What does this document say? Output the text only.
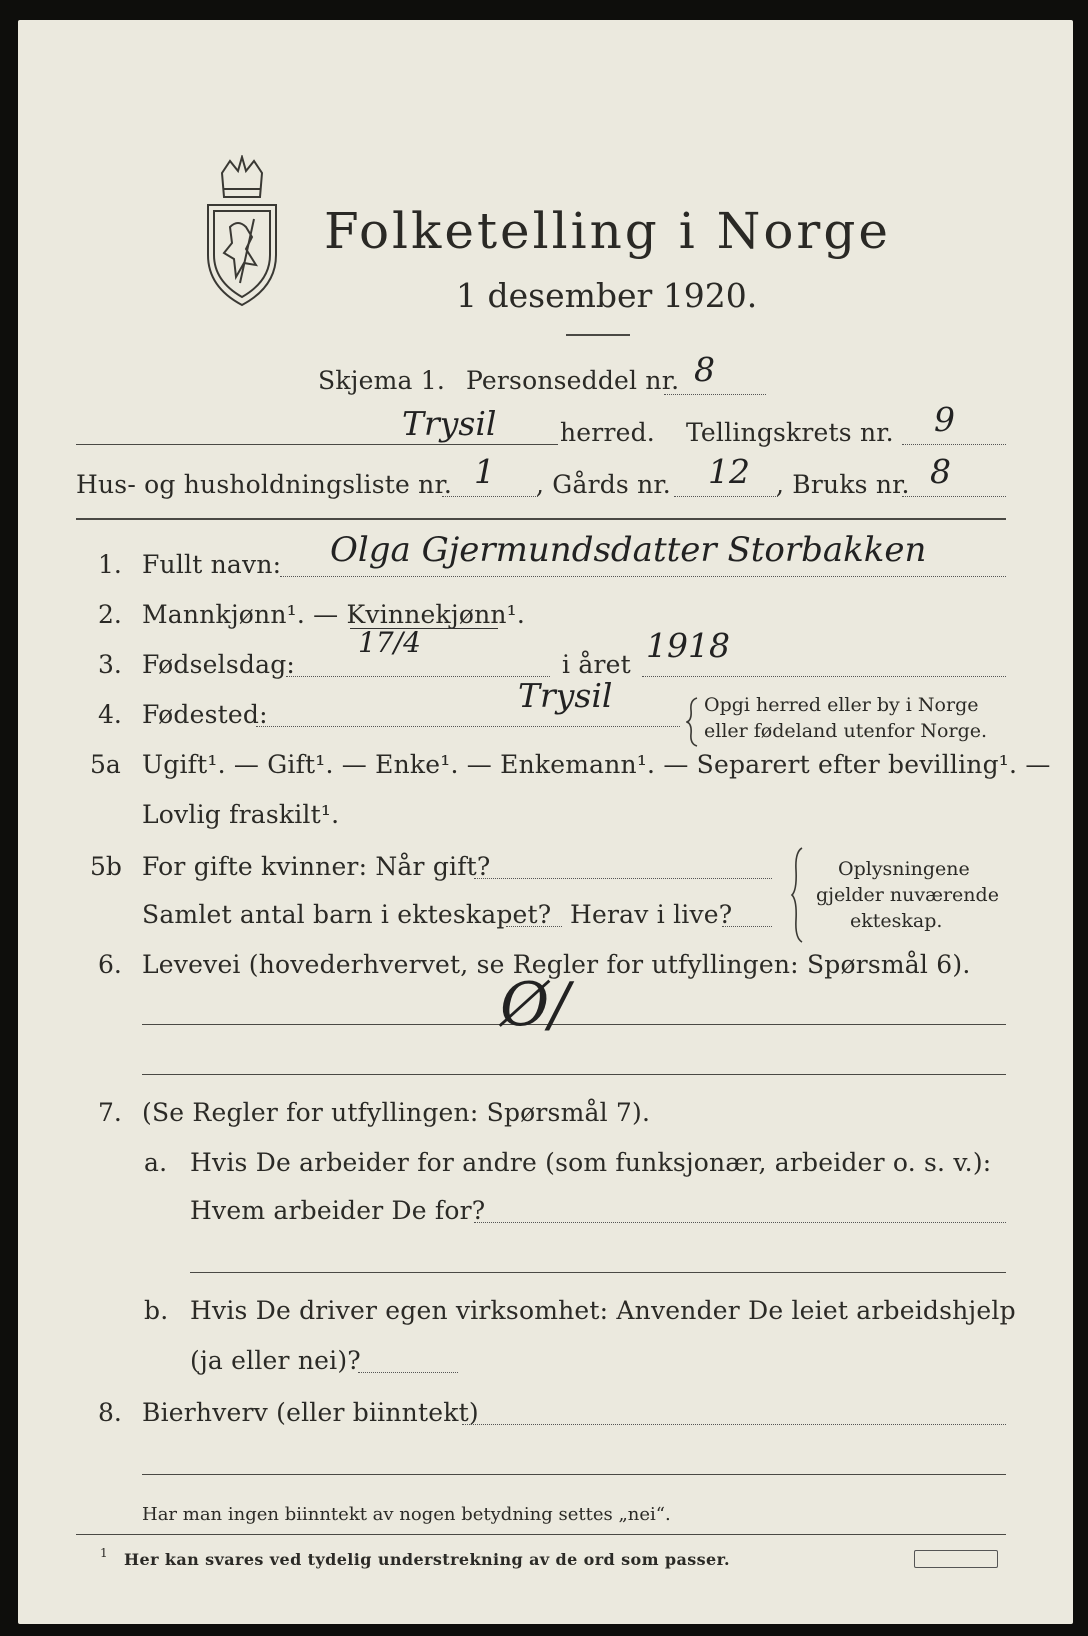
Folketelling i Norge
1 desember 1920.
Skjema 1. Personseddel nr. 8
Trysil	herred. Tellingskrets nr. 9
Hus- og husholdningsliste nr. 1 , Gårds nr. 12 , Bruks nr. 8
1. Fullt navn: Olga Gjermundsdatter Storbakken
2. Mannkjønn¹. — Kvinnekjønn¹.
3. Fødselsdag:
17/4
i året 1918
4. Fødested:	Trysil	Opgi herred eller by i Norge
eller fødeland utenfor Norge.
5a Ugift¹. — Gift¹. — Enke¹. — Enkemann¹. — Separert efter bevilling¹. —
Lovlig fraskilt¹.
5b For gifte kvinner: Når gift?
Samlet antal barn i ekteskapet? Herav i live?
Oplysningene
gjelder nuværende
ekteskap.
6. Levevei (hovederhvervet, se Regler for utfyllingen: Spørsmål 6).
Ø/
7. (Se Regler for utfyllingen: Spørsmål 7).
a. Hvis De arbeider for andre (som funksjonær, arbeider o. s. v.):
Hvem arbeider De for?
b. Hvis De driver egen virksomhet: Anvender De leiet arbeidshjelp
(ja eller nei)?
8. Bierhverv (eller biinntekt)
Har man ingen biinntekt av nogen betydning settes „nei“.
1 Her kan svares ved tydelig understrekning av de ord som passer.
